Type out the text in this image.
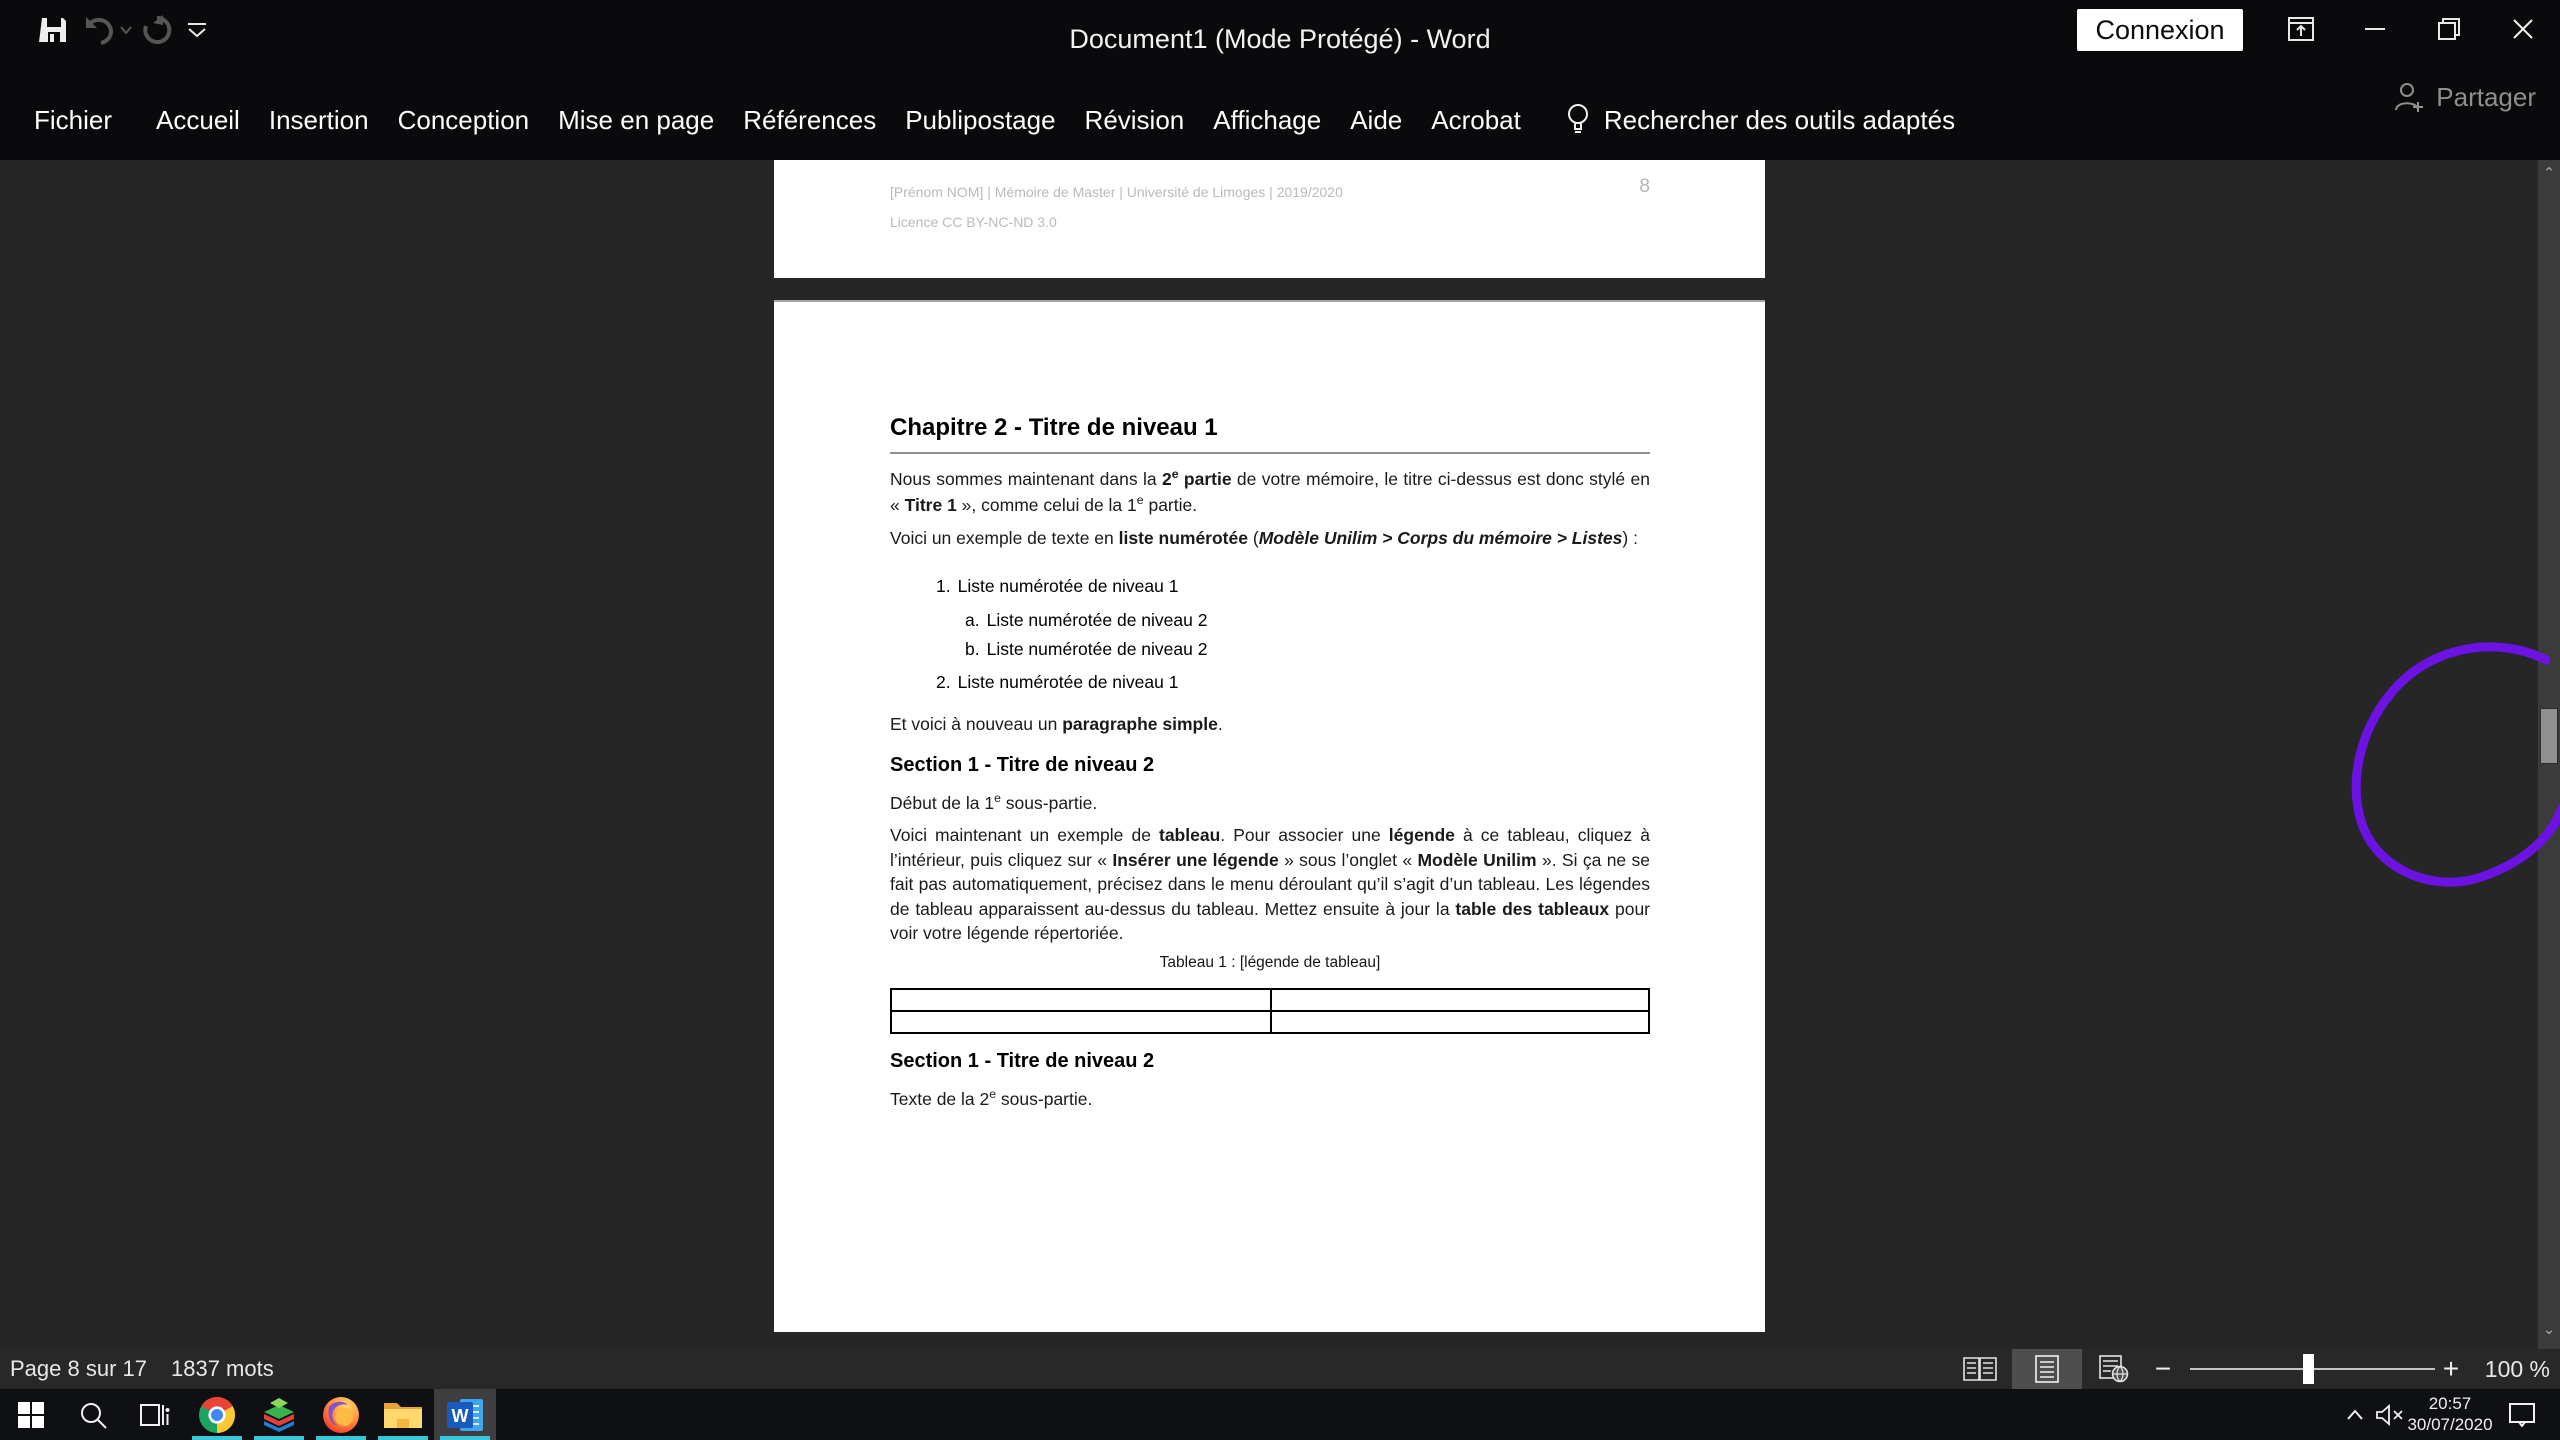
Document1 (Mode Protégé) - Word	Connexion
Fichier Accueil Insertion Conception Mise en page Références Publipostage Révision Affichage Aide Acrobat	Rechercher des outils adaptés
Partager
[Prénom NOM] | Mémoire de Master | Université de Limoges | 2019/2020
Licence CC BY-NC-ND 3.0
8
Chapitre 2 - Titre de niveau 1
Nous sommes maintenant dans la 2e partie de votre mémoire, le titre ci-dessus est donc stylé en « Titre 1 », comme celui de la 1e partie.
Voici un exemple de texte en liste numérotée (Modèle Unilim > Corps du mémoire > Listes) :
1. Liste numérotée de niveau 1
a. Liste numérotée de niveau 2
b. Liste numérotée de niveau 2
2. Liste numérotée de niveau 1
Et voici à nouveau un paragraphe simple.
Section 1 - Titre de niveau 2
Début de la 1e sous-partie.
Voici maintenant un exemple de tableau. Pour associer une légende à ce tableau, cliquez à l’intérieur, puis cliquez sur « Insérer une légende » sous l’onglet « Modèle Unilim ». Si ça ne se fait pas automatiquement, précisez dans le menu déroulant qu’il s’agit d’un tableau. Les légendes de tableau apparaissent au-dessus du tableau. Mettez ensuite à jour la table des tableaux pour voir votre légende répertoriée.
Tableau 1 : [légende de tableau]

Section 1 - Titre de niveau 2
Texte de la 2e sous-partie.
⌃
⌄
Page 8 sur 17 1837 mots	−	+	100 %
W
20:57
30/07/2020
